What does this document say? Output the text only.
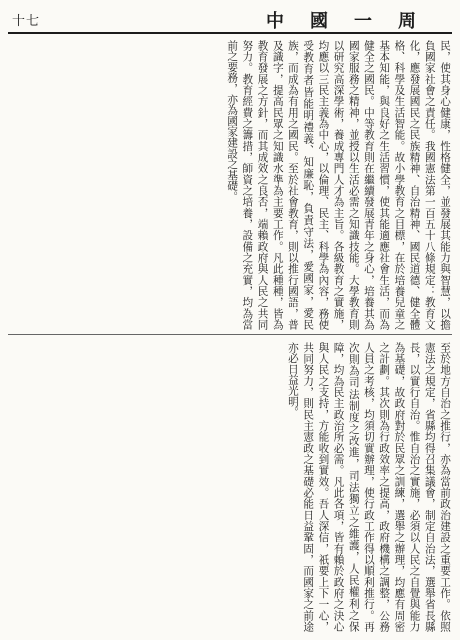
十七	中國一周
民，使其身心健康，性格健全，並發展其能力與智慧，以擔負國家社會之責任。我國憲法第一百五十八條規定：教育文化，應發展國民之民族精神、自治精神、國民道德、健全體格、科學及生活智能。故小學教育之目標，在於培養兒童之基本知能，與良好之生活習慣，使其能適應社會生活，而為健全之國民。中等教育則在繼續發展青年之身心，培養其為國家服務之精神，並授以生活必需之知識技能。大學教育則以研究高深學術，養成專門人才為主旨。各級教育之實施，均應以三民主義為中心，以倫理、民主、科學為內容，務使受教育者皆能明禮義、知廉恥，負責守法，愛國家，愛民族，而成為有用之國民。至於社會教育，則以推行國語，普及識字，提高民眾之知識水準為主要工作。凡此種種，皆為教育發展之方針，而其成效之良否，端賴政府與人民之共同努力。教育經費之籌措，師資之培養，設備之充實，均為當前之要務，亦為國家建設之基礎。
至於地方自治之推行，亦為當前政治建設之重要工作。依照憲法之規定，省縣均得召集議會，制定自治法，選舉省長縣長，以實行自治。惟自治之實施，必須以人民之自覺與能力為基礎，故政府對於民眾之訓練，選舉之辦理，均應有周密之計劃。其次則為行政效率之提高，政府機構之調整，公務人員之考核，均須切實辦理，使行政工作得以順利推行。再次則為司法制度之改進，司法獨立之維護，人民權利之保障，均為民主政治所必需。凡此各項，皆有賴於政府之決心與人民之支持，方能收到實效。吾人深信，祇要上下一心，共同努力，則民主憲政之基礎必能日益鞏固，而國家之前途亦必日益光明。
